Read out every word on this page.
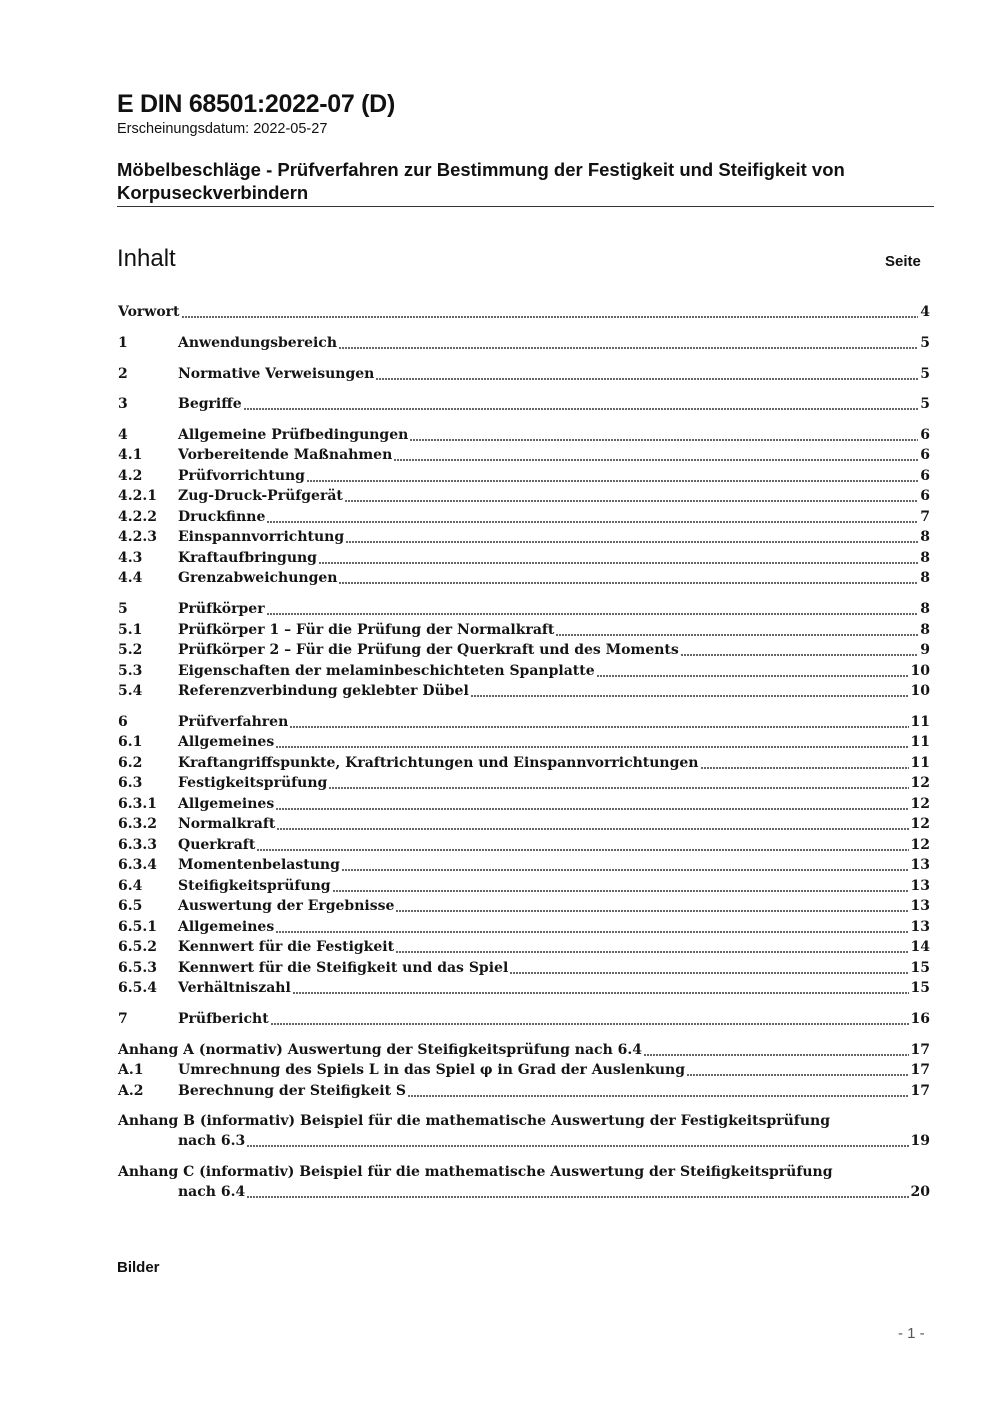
E DIN 68501:2022-07 (D)
Erscheinungsdatum: 2022-05-27
Möbelbeschläge - Prüfverfahren zur Bestimmung der Festigkeit und Steifigkeit von Korpuseckverbindern
Inhalt	Seite
Vorwort	4
1	Anwendungsbereich	5
2	Normative Verweisungen	5
3	Begriffe	5
4	Allgemeine Prüfbedingungen	6
4.1	Vorbereitende Maßnahmen	6
4.2	Prüfvorrichtung	6
4.2.1	Zug-Druck-Prüfgerät	6
4.2.2	Druckfinne	7
4.2.3	Einspannvorrichtung	8
4.3	Kraftaufbringung	8
4.4	Grenzabweichungen	8
5	Prüfkörper	8
5.1	Prüfkörper 1 – Für die Prüfung der Normalkraft	8
5.2	Prüfkörper 2 – Für die Prüfung der Querkraft und des Moments	9
5.3	Eigenschaften der melaminbeschichteten Spanplatte	10
5.4	Referenzverbindung geklebter Dübel	10
6	Prüfverfahren	11
6.1	Allgemeines	11
6.2	Kraftangriffspunkte, Kraftrichtungen und Einspannvorrichtungen	11
6.3	Festigkeitsprüfung	12
6.3.1	Allgemeines	12
6.3.2	Normalkraft	12
6.3.3	Querkraft	12
6.3.4	Momentenbelastung	13
6.4	Steifigkeitsprüfung	13
6.5	Auswertung der Ergebnisse	13
6.5.1	Allgemeines	13
6.5.2	Kennwert für die Festigkeit	14
6.5.3	Kennwert für die Steifigkeit und das Spiel	15
6.5.4	Verhältniszahl	15
7	Prüfbericht	16
Anhang A (normativ) Auswertung der Steifigkeitsprüfung nach 6.4	17
A.1	Umrechnung des Spiels L in das Spiel φ in Grad der Auslenkung	17
A.2	Berechnung der Steifigkeit S	17
Anhang B (informativ) Beispiel für die mathematische Auswertung der Festigkeitsprüfung
nach 6.3	19
Anhang C (informativ) Beispiel für die mathematische Auswertung der Steifigkeitsprüfung
nach 6.4	20
Bilder
- 1 -
